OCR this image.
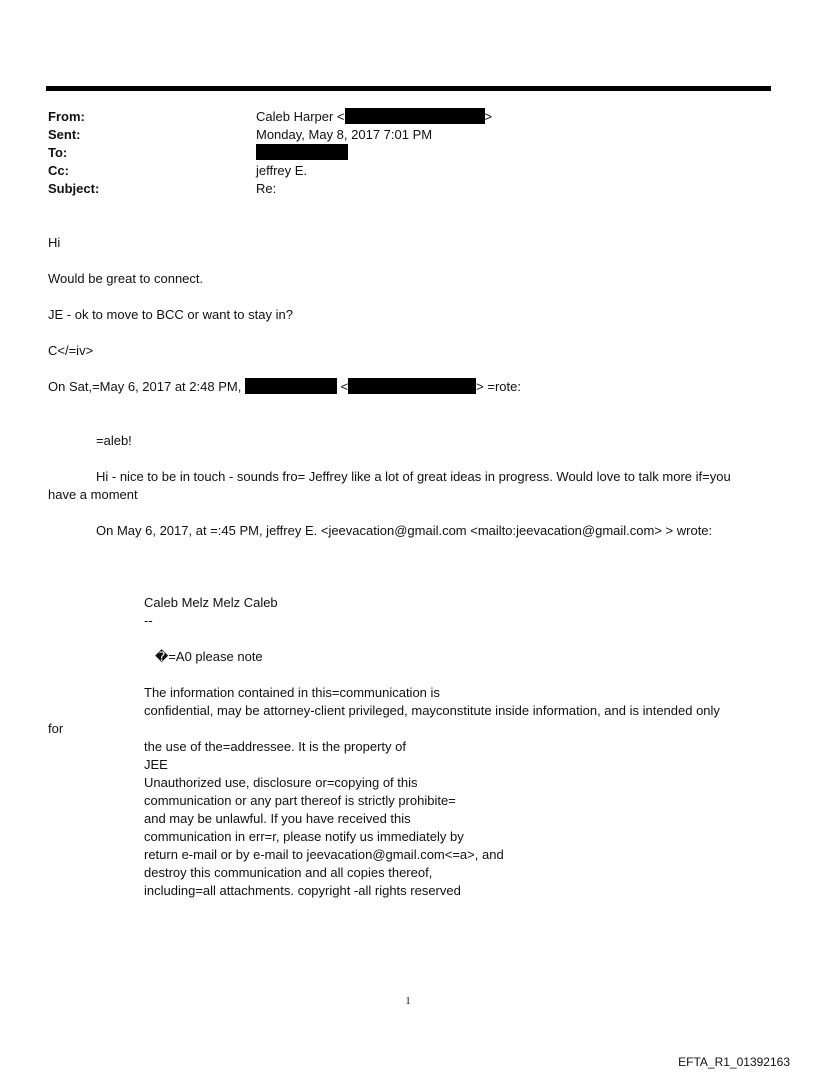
From:	Caleb Harper <	>
Sent:	Monday, May 8, 2017 7:01 PM
To:
Cc:	jeffrey E.
Subject:	Re:
Hi
Would be great to connect.
JE - ok to move to BCC or want to stay in?
C</=iv>
On Sat,=May 6, 2017 at 2:48 PM,	<	> =rote:
=aleb!
Hi - nice to be in touch - sounds fro= Jeffrey like a lot of great ideas in progress. Would love to talk more if=you
have a moment
On May 6, 2017, at =:45 PM, jeffrey E. <jeevacation@gmail.com <mailto:jeevacation@gmail.com> > wrote:
Caleb Melz Melz Caleb
--
�=A0 please note
The information contained in this=communication is
confidential, may be attorney-client privileged, mayconstitute inside information, and is intended only
for
the use of the=addressee. It is the property of
JEE
Unauthorized use, disclosure or=copying of this
communication or any part thereof is strictly prohibite=
and may be unlawful. If you have received this
communication in err=r, please notify us immediately by
return e-mail or by e-mail to jeevacation@gmail.com<=a>, and
destroy this communication and all copies thereof,
including=all attachments. copyright -all rights reserved
1
EFTA_R1_01392163
